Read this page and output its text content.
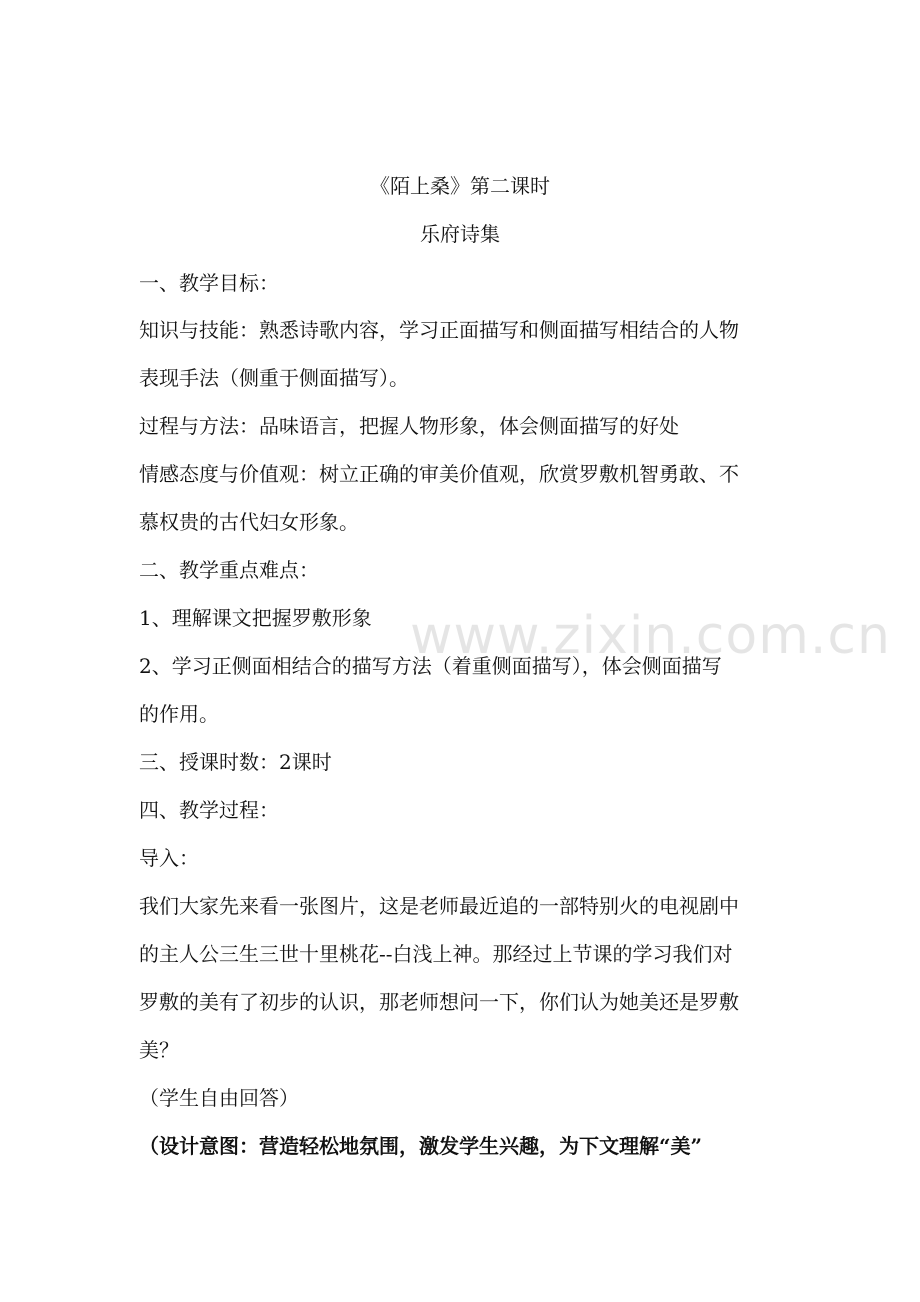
《陌上桑》第二课时
乐府诗集
一、教学目标：
知识与技能：熟悉诗歌内容，学习正面描写和侧面描写相结合的人物
表现手法（侧重于侧面描写）。
过程与方法：品味语言，把握人物形象，体会侧面描写的好处
情感态度与价值观：树立正确的审美价值观，欣赏罗敷机智勇敢、不
慕权贵的古代妇女形象。
二、教学重点难点：
1、理解课文把握罗敷形象
2、学习正侧面相结合的描写方法（着重侧面描写），体会侧面描写
的作用。
三、授课时数：2课时
四、教学过程：
导入：
我们大家先来看一张图片，这是老师最近追的一部特别火的电视剧中
的主人公三生三世十里桃花--白浅上神。那经过上节课的学习我们对
罗敷的美有了初步的认识，那老师想问一下，你们认为她美还是罗敷
美？
（学生自由回答）
（设计意图：营造轻松地氛围，激发学生兴趣，为下文理解“美”
www.zixin.com.cn
